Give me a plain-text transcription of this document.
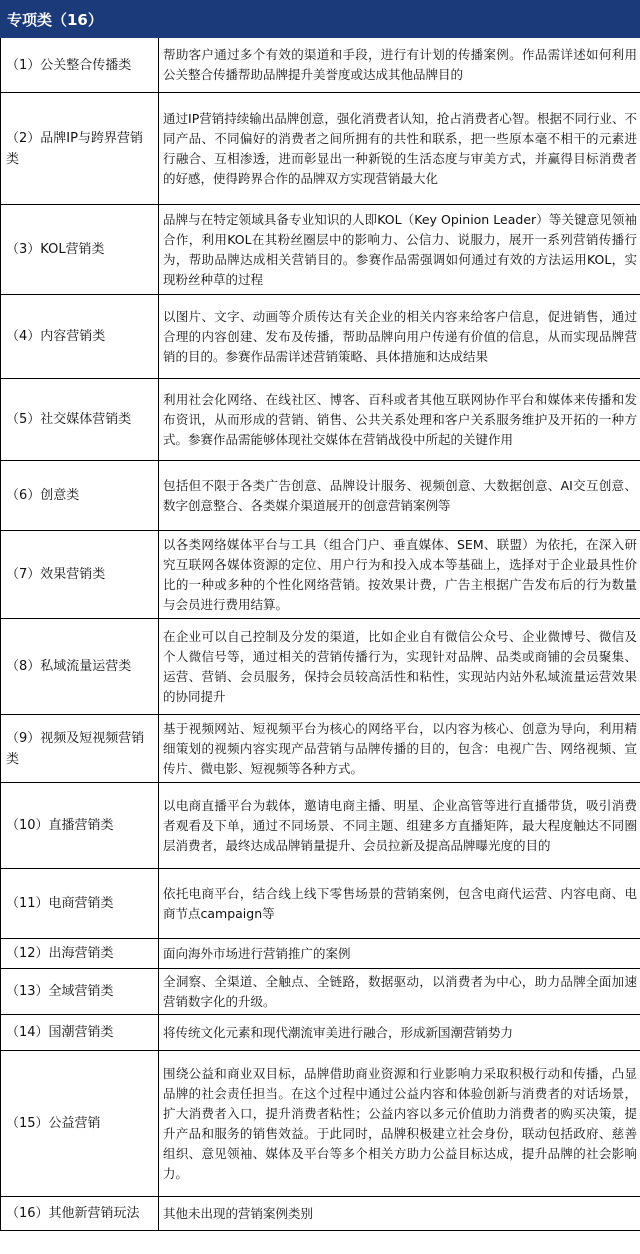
专项类（16）	
（1）公关整合传播类	帮助客户通过多个有效的渠道和手段，进行有计划的传播案例。作品需详述如何利用公关整合传播帮助品牌提升美誉度或达成其他品牌目的
（2）品牌IP与跨界营销类	通过IP营销持续输出品牌创意，强化消费者认知，抢占消费者心智。根据不同行业、不同产品、不同偏好的消费者之间所拥有的共性和联系，把一些原本毫不相干的元素进行融合、互相渗透，进而彰显出一种新锐的生活态度与审美方式，并赢得目标消费者的好感，使得跨界合作的品牌双方实现营销最大化
（3）KOL营销类	品牌与在特定领域具备专业知识的人即KOL（Key Opinion Leader）等关键意见领袖合作，利用KOL在其粉丝圈层中的影响力、公信力、说服力，展开一系列营销传播行为，帮助品牌达成相关营销目的。参赛作品需强调如何通过有效的方法运用KOL，实现粉丝种草的过程
（4）内容营销类	以图片、文字、动画等介质传达有关企业的相关内容来给客户信息，促进销售，通过合理的内容创建、发布及传播，帮助品牌向用户传递有价值的信息，从而实现品牌营销的目的。参赛作品需详述营销策略、具体措施和达成结果
（5）社交媒体营销类	利用社会化网络、在线社区、博客、百科或者其他互联网协作平台和媒体来传播和发布资讯，从而形成的营销、销售、公共关系处理和客户关系服务维护及开拓的一种方式。参赛作品需能够体现社交媒体在营销战役中所起的关键作用
（6）创意类	包括但不限于各类广告创意、品牌设计服务、视频创意、大数据创意、AI交互创意、数字创意整合、各类媒介渠道展开的创意营销案例等
（7）效果营销类	以各类网络媒体平台与工具（组合门户、垂直媒体、SEM、联盟）为依托，在深入研究互联网各媒体资源的定位、用户行为和投入成本等基础上，选择对于企业最具性价比的一种或多种的个性化网络营销。按效果计费，广告主根据广告发布后的行为数量与会员进行费用结算。
（8）私域流量运营类	在企业可以自己控制及分发的渠道，比如企业自有微信公众号、企业微博号、微信及个人微信号等，通过相关的营销传播行为，实现针对品牌、品类或商铺的会员聚集、运营、营销、会员服务，保持会员较高活性和粘性，实现站内站外私域流量运营效果的协同提升
（9）视频及短视频营销类	基于视频网站、短视频平台为核心的网络平台，以内容为核心、创意为导向，利用精细策划的视频内容实现产品营销与品牌传播的目的，包含：电视广告、网络视频、宣传片、微电影、短视频等各种方式。
（10）直播营销类	以电商直播平台为载体，邀请电商主播、明星、企业高管等进行直播带货，吸引消费者观看及下单，通过不同场景、不同主题、组建多方直播矩阵，最大程度触达不同圈层消费者，最终达成品牌销量提升、会员拉新及提高品牌曝光度的目的
（11）电商营销类	依托电商平台，结合线上线下零售场景的营销案例，包含电商代运营、内容电商、电商节点campaign等
（12）出海营销类	面向海外市场进行营销推广的案例
（13）全域营销类	全洞察、全渠道、全触点、全链路，数据驱动，以消费者为中心，助力品牌全面加速营销数字化的升级。
（14）国潮营销类	将传统文化元素和现代潮流审美进行融合，形成新国潮营销势力
（15）公益营销	围绕公益和商业双目标，品牌借助商业资源和行业影响力采取积极行动和传播，凸显品牌的社会责任担当。在这个过程中通过公益内容和体验创新与消费者的对话场景，扩大消费者入口，提升消费者粘性；公益内容以多元价值助力消费者的购买决策，提升产品和服务的销售效益。于此同时，品牌积极建立社会身份，联动包括政府、慈善组织、意见领袖、媒体及平台等多个相关方助力公益目标达成，提升品牌的社会影响力。
（16）其他新营销玩法	其他未出现的营销案例类别
